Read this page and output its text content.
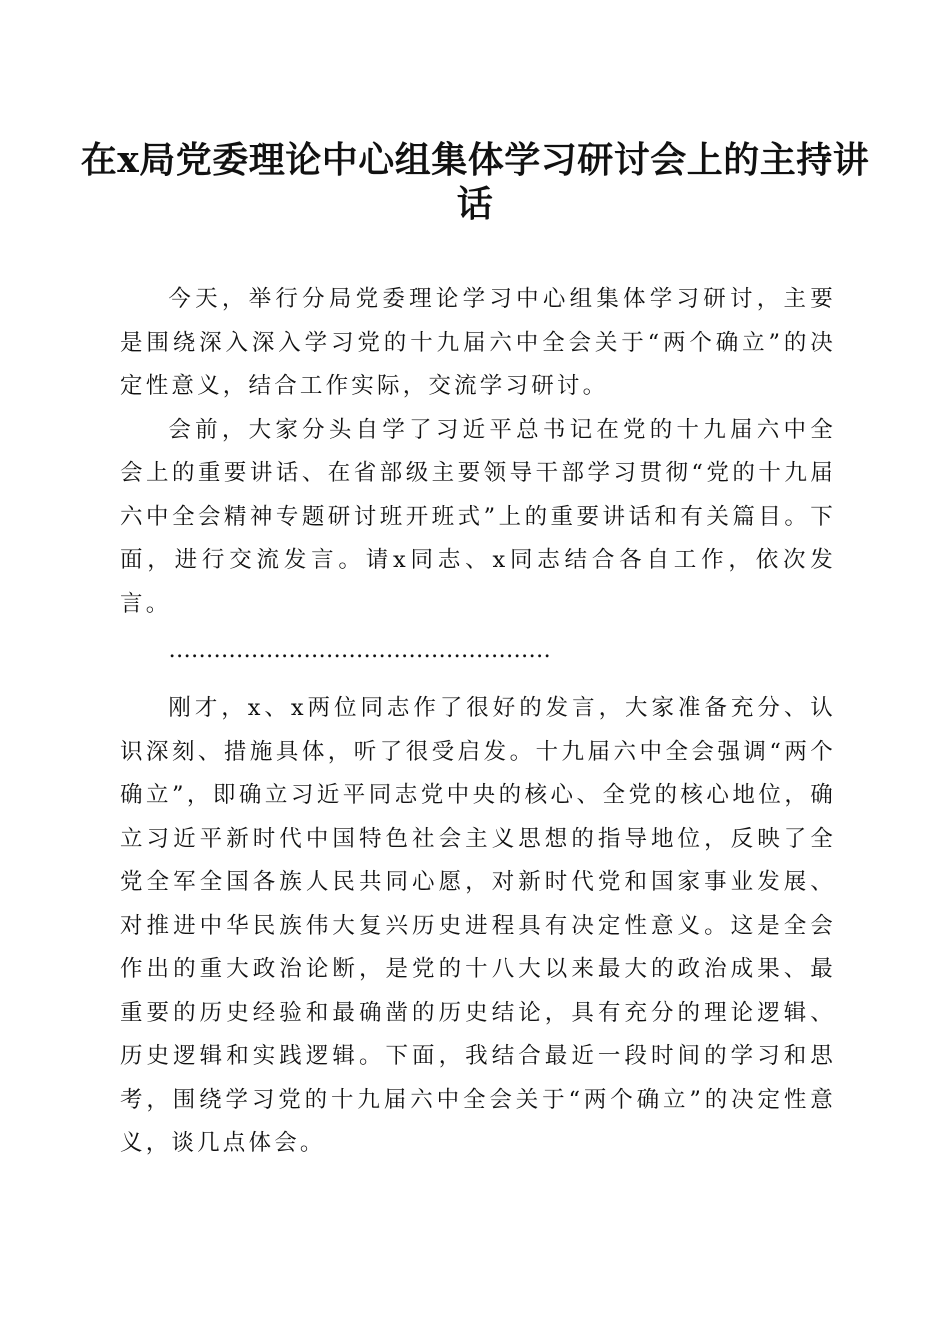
在x局党委理论中心组集体学习研讨会上的主持讲话

今天，举行分局党委理论学习中心组集体学习研讨，主要是围绕深入深入学习党的十九届六中全会关于“两个确立”的决定性意义，结合工作实际，交流学习研讨。

会前，大家分头自学了习近平总书记在党的十九届六中全会上的重要讲话、在省部级主要领导干部学习贯彻“党的十九届六中全会精神专题研讨班开班式”上的重要讲话和有关篇目。下面，进行交流发言。请x同志、x同志结合各自工作，依次发言。

……………………………………………

刚才，x、x两位同志作了很好的发言，大家准备充分、认识深刻、措施具体，听了很受启发。十九届六中全会强调“两个确立”，即确立习近平同志党中央的核心、全党的核心地位，确立习近平新时代中国特色社会主义思想的指导地位，反映了全党全军全国各族人民共同心愿，对新时代党和国家事业发展、对推进中华民族伟大复兴历史进程具有决定性意义。这是全会作出的重大政治论断，是党的十八大以来最大的政治成果、最重要的历史经验和最确凿的历史结论，具有充分的理论逻辑、历史逻辑和实践逻辑。下面，我结合最近一段时间的学习和思考，围绕学习党的十九届六中全会关于“两个确立”的决定性意义，谈几点体会。
